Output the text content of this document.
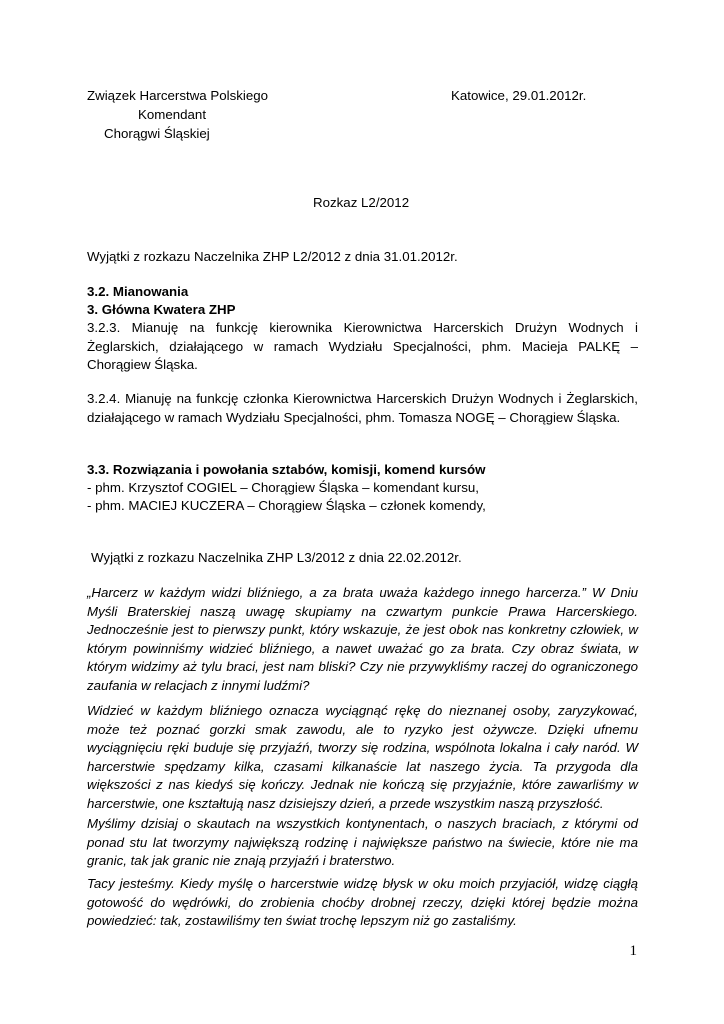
Związek Harcerstwa Polskiego	Katowice, 29.01.2012r.
Komendant
Chorągwi Śląskiej
Rozkaz L2/2012
Wyjątki z rozkazu Naczelnika ZHP L2/2012 z dnia 31.01.2012r.
3.2. Mianowania
3. Główna Kwatera ZHP
3.2.3. Mianuję na funkcję kierownika Kierownictwa Harcerskich Drużyn Wodnych i Żeglarskich, działającego w ramach Wydziału Specjalności, phm. Macieja PALKĘ – Chorągiew Śląska.
3.2.4. Mianuję na funkcję członka Kierownictwa Harcerskich Drużyn Wodnych i Żeglarskich, działającego w ramach Wydziału Specjalności, phm. Tomasza NOGĘ – Chorągiew Śląska.
3.3. Rozwiązania i powołania sztabów, komisji, komend kursów
- phm. Krzysztof COGIEL – Chorągiew Śląska – komendant kursu,
- phm. MACIEJ KUCZERA – Chorągiew Śląska – członek komendy,
Wyjątki z rozkazu Naczelnika ZHP L3/2012 z dnia 22.02.2012r.
„Harcerz w każdym widzi bliźniego, a za brata uważa każdego innego harcerza.” W Dniu Myśli Braterskiej naszą uwagę skupiamy na czwartym punkcie Prawa Harcerskiego. Jednocześnie jest to pierwszy punkt, który wskazuje, że jest obok nas konkretny człowiek, w którym powinniśmy widzieć bliźniego, a nawet uważać go za brata. Czy obraz świata, w którym widzimy aż tylu braci, jest nam bliski? Czy nie przywykliśmy raczej do ograniczonego zaufania w relacjach z innymi ludźmi?
Widzieć w każdym bliźniego oznacza wyciągnąć rękę do nieznanej osoby, zaryzykować, może też poznać gorzki smak zawodu, ale to ryzyko jest ożywcze. Dzięki ufnemu wyciągnięciu ręki buduje się przyjaźń, tworzy się rodzina, wspólnota lokalna i cały naród. W harcerstwie spędzamy kilka, czasami kilkanaście lat naszego życia. Ta przygoda dla większości z nas kiedyś się kończy. Jednak nie kończą się przyjaźnie, które zawarliśmy w harcerstwie, one kształtują nasz dzisiejszy dzień, a przede wszystkim naszą przyszłość.
Myślimy dzisiaj o skautach na wszystkich kontynentach, o naszych braciach, z którymi od ponad stu lat tworzymy największą rodzinę i największe państwo na świecie, które nie ma granic, tak jak granic nie znają przyjaźń i braterstwo.
Tacy jesteśmy. Kiedy myślę o harcerstwie widzę błysk w oku moich przyjaciół, widzę ciągłą gotowość do wędrówki, do zrobienia choćby drobnej rzeczy, dzięki której będzie można powiedzieć: tak, zostawiliśmy ten świat trochę lepszym niż go zastaliśmy.
1
